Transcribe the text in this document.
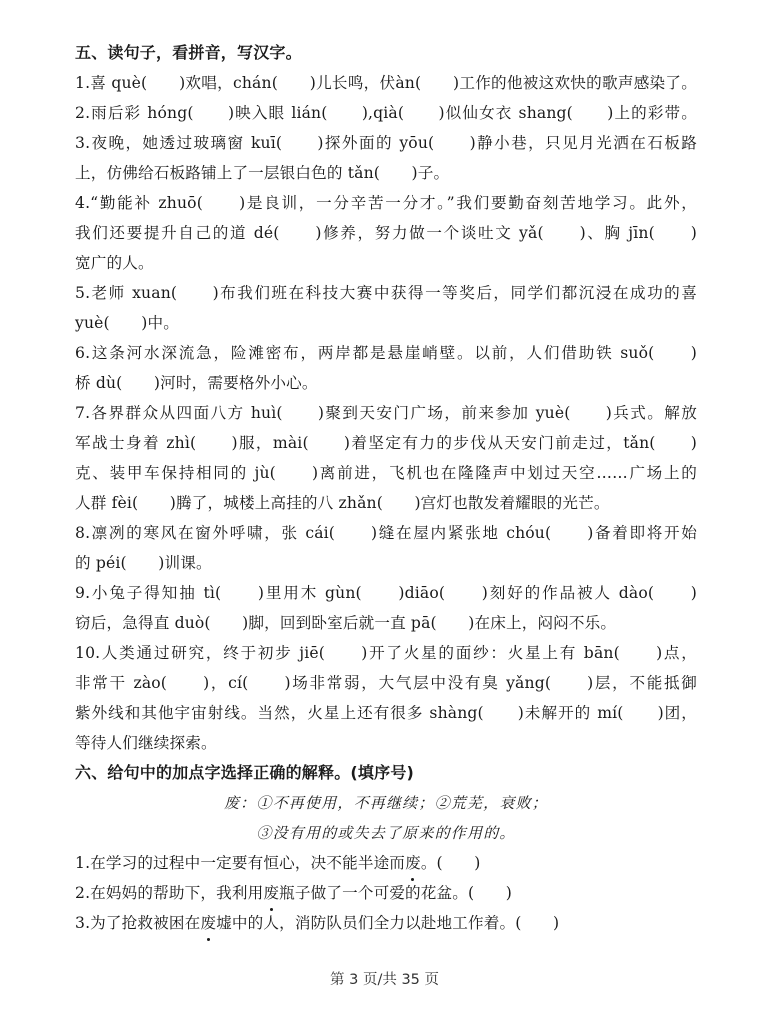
五、读句子，看拼音，写汉字。
1.喜 què(　　)欢唱，chán(　　)儿长鸣，伏àn(　　)工作的他被这欢快的歌声感染了。
2.雨后彩 hóng(　　)映入眼 lián(　　),qià(　　)似仙女衣 shang(　　)上的彩带。
3.夜晚，她透过玻璃窗 kuī(　　)探外面的 yōu(　　)静小巷，只见月光洒在石板路
上，仿佛给石板路铺上了一层银白色的 tǎn(　　)子。
4.“勤能补 zhuō(　　)是良训，一分辛苦一分才。”我们要勤奋刻苦地学习。此外，
我们还要提升自己的道 dé(　　)修养，努力做一个谈吐文 yǎ(　　)、胸 jīn(　　)
宽广的人。
5.老师 xuan(　　)布我们班在科技大赛中获得一等奖后，同学们都沉浸在成功的喜
yuè(　　)中。
6.这条河水深流急，险滩密布，两岸都是悬崖峭壁。以前，人们借助铁 suǒ(　　)
桥 dù(　　)河时，需要格外小心。
7.各界群众从四面八方 huì(　　)聚到天安门广场，前来参加 yuè(　　)兵式。解放
军战士身着 zhì(　　)服，mài(　　)着坚定有力的步伐从天安门前走过，tǎn(　　)
克、装甲车保持相同的 jù(　　)离前进，飞机也在隆隆声中划过天空……广场上的
人群 fèi(　　)腾了，城楼上高挂的八 zhǎn(　　)宫灯也散发着耀眼的光芒。
8.凛冽的寒风在窗外呼啸，张 cái(　　)缝在屋内紧张地 chóu(　　)备着即将开始
的 péi(　　)训课。
9.小兔子得知抽 tì(　　)里用木 gùn(　　)diāo(　　)刻好的作品被人 dào(　　)
窃后，急得直 duò(　　)脚，回到卧室后就一直 pā(　　)在床上，闷闷不乐。
10.人类通过研究，终于初步 jiē(　　)开了火星的面纱：火星上有 bān(　　)点，
非常干 zào(　　)，cí(　　)场非常弱，大气层中没有臭 yǎng(　　)层，不能抵御
紫外线和其他宇宙射线。当然，火星上还有很多 shàng(　　)未解开的 mí(　　)团，
等待人们继续探索。
六、给句中的加点字选择正确的解释。(填序号)
废：①不再使用，不再继续；②荒芜，衰败；
③没有用的或失去了原来的作用的。
1.在学习的过程中一定要有恒心，决不能半途而废。(　　)
2.在妈妈的帮助下，我利用废瓶子做了一个可爱的花盆。(　　)
3.为了抢救被困在废墟中的人，消防队员们全力以赴地工作着。(　　)
第 3 页/共 35 页
